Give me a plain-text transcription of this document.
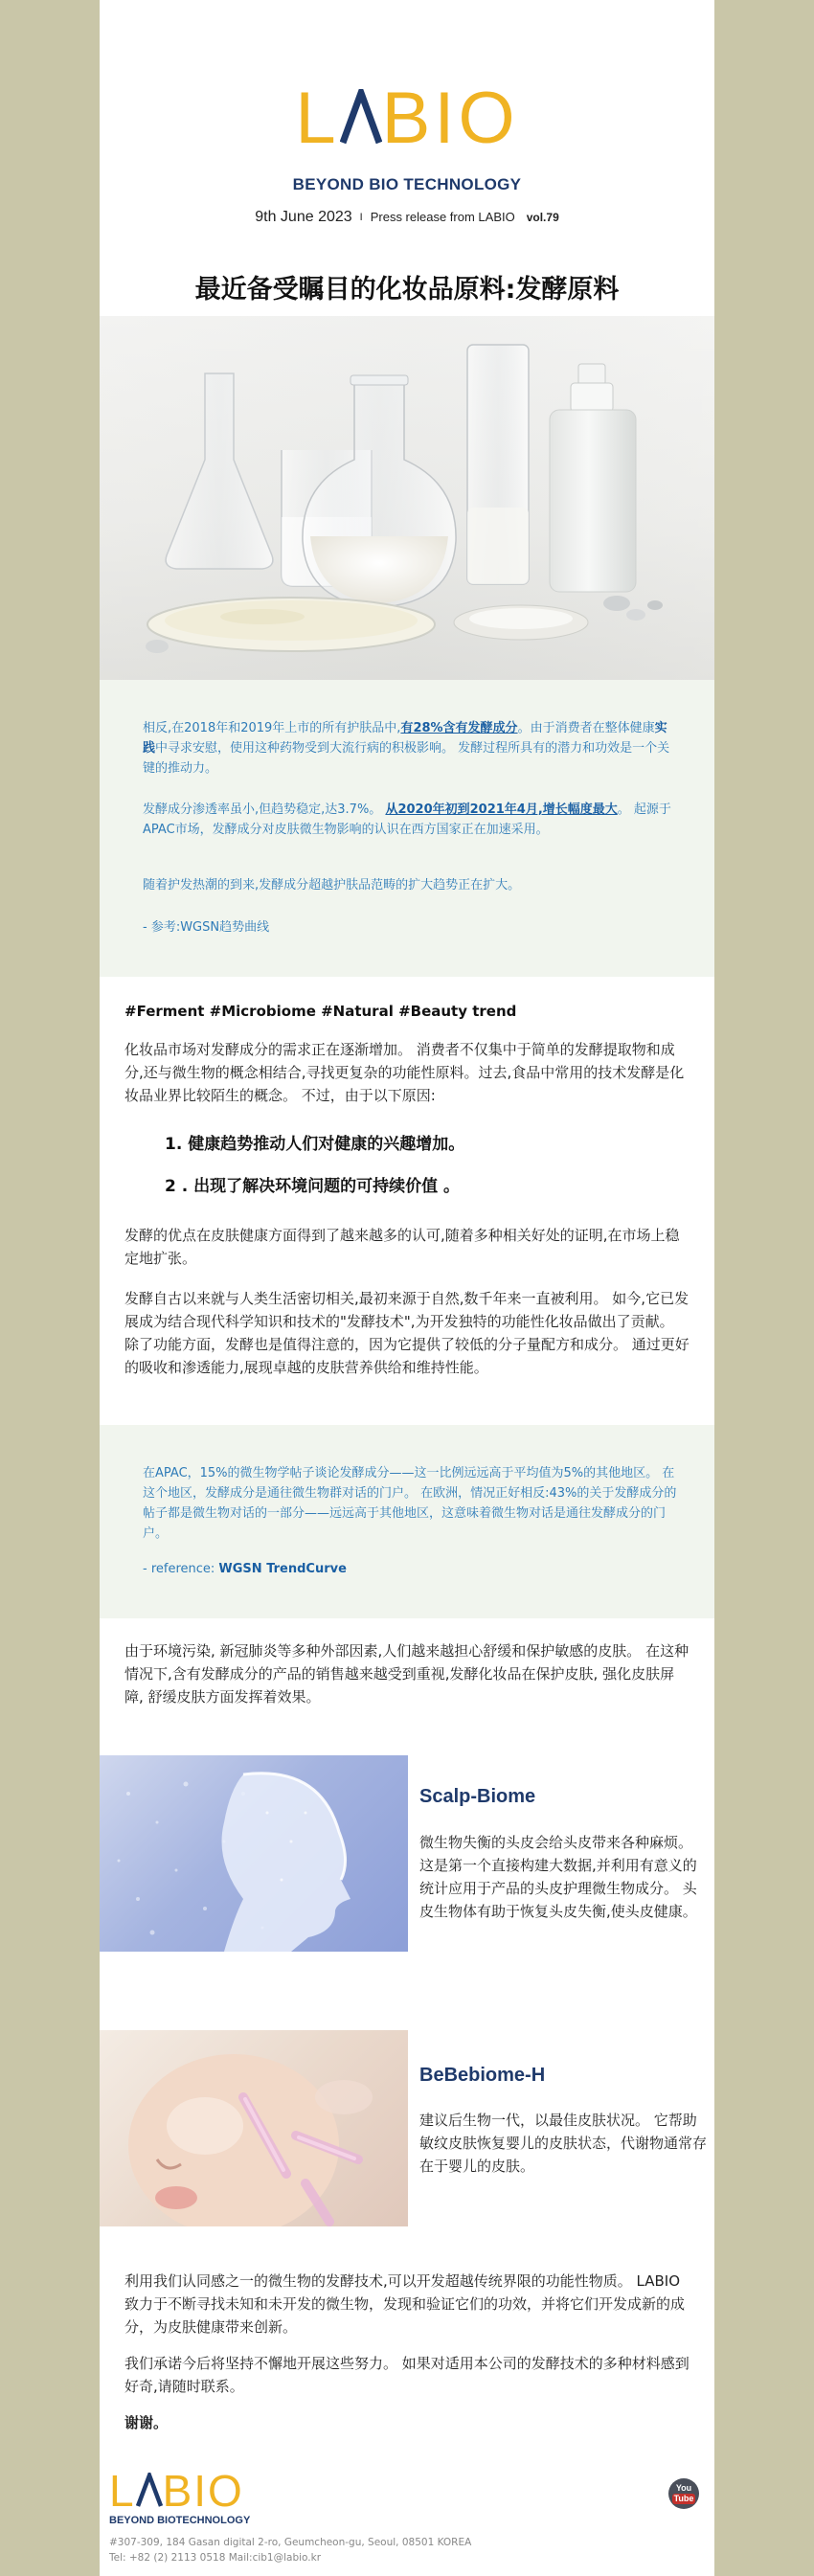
L BIO
BEYOND BIO TECHNOLOGY
9th June 2023 I Press release from LABIO vol.79
最近备受瞩目的化妆品原料:发酵原料
相反,在2018年和2019年上市的所有护肤品中,有28%含有发酵成分。由于消费者在整体健康实践中寻求安慰，使用这种药物受到大流行病的积极影响。 发酵过程所具有的潜力和功效是一个关键的推动力。
发酵成分渗透率虽小,但趋势稳定,达3.7%。 从2020年初到2021年4月,增长幅度最大。 起源于APAC市场，发酵成分对皮肤微生物影响的认识在西方国家正在加速采用。
随着护发热潮的到来,发酵成分超越护肤品范畴的扩大趋势正在扩大。
- 参考:WGSN趋势曲线
#Ferment #Microbiome #Natural #Beauty trend
化妆品市场对发酵成分的需求正在逐渐增加。 消费者不仅集中于简单的发酵提取物和成分,还与微生物的概念相结合,寻找更复杂的功能性原料。过去,食品中常用的技术发酵是化妆品业界比较陌生的概念。 不过，由于以下原因:
1. 健康趋势推动人们对健康的兴趣增加。
2 . 出现了解决环境问题的可持续价值 。
发酵的优点在皮肤健康方面得到了越来越多的认可,随着多种相关好处的证明,在市场上稳定地扩张。
发酵自古以来就与人类生活密切相关,最初来源于自然,数千年来一直被利用。 如今,它已发展成为结合现代科学知识和技术的"发酵技术",为开发独特的功能性化妆品做出了贡献。 除了功能方面，发酵也是值得注意的，因为它提供了较低的分子量配方和成分。 通过更好的吸收和渗透能力,展现卓越的皮肤营养供给和维持性能。
在APAC，15%的微生物学帖子谈论发酵成分——这一比例远远高于平均值为5%的其他地区。 在这个地区，发酵成分是通往微生物群对话的门户。 在欧洲，情况正好相反:43%的关于发酵成分的帖子都是微生物对话的一部分——远远高于其他地区，这意味着微生物对话是通往发酵成分的门户。
- reference: WGSN TrendCurve
由于环境污染, 新冠肺炎等多种外部因素,人们越来越担心舒缓和保护敏感的皮肤。 在这种情况下,含有发酵成分的产品的销售越来越受到重视,发酵化妆品在保护皮肤, 强化皮肤屏障, 舒缓皮肤方面发挥着效果。
Scalp-Biome
微生物失衡的头皮会给头皮带来各种麻烦。 这是第一个直接构建大数据,并利用有意义的统计应用于产品的头皮护理微生物成分。 头皮生物体有助于恢复头皮失衡,使头皮健康。
BeBebiome-H
建议后生物一代，以最佳皮肤状况。 它帮助敏纹皮肤恢复婴儿的皮肤状态，代谢物通常存在于婴儿的皮肤。
利用我们认同感之一的微生物的发酵技术,可以开发超越传统界限的功能性物质。 LABIO致力于不断寻找未知和未开发的微生物，发现和验证它们的功效，并将它们开发成新的成分，为皮肤健康带来创新。
我们承诺今后将坚持不懈地开展这些努力。 如果对适用本公司的发酵技术的多种材料感到好奇,请随时联系。
谢谢。
L BIO
BEYOND BIOTECHNOLOGY
#307-309, 184 Gasan digital 2-ro, Geumcheon-gu, Seoul, 08501 KOREA
Tel: +82 (2) 2113 0518 Mail:cib1@labio.kr
You
Tube
